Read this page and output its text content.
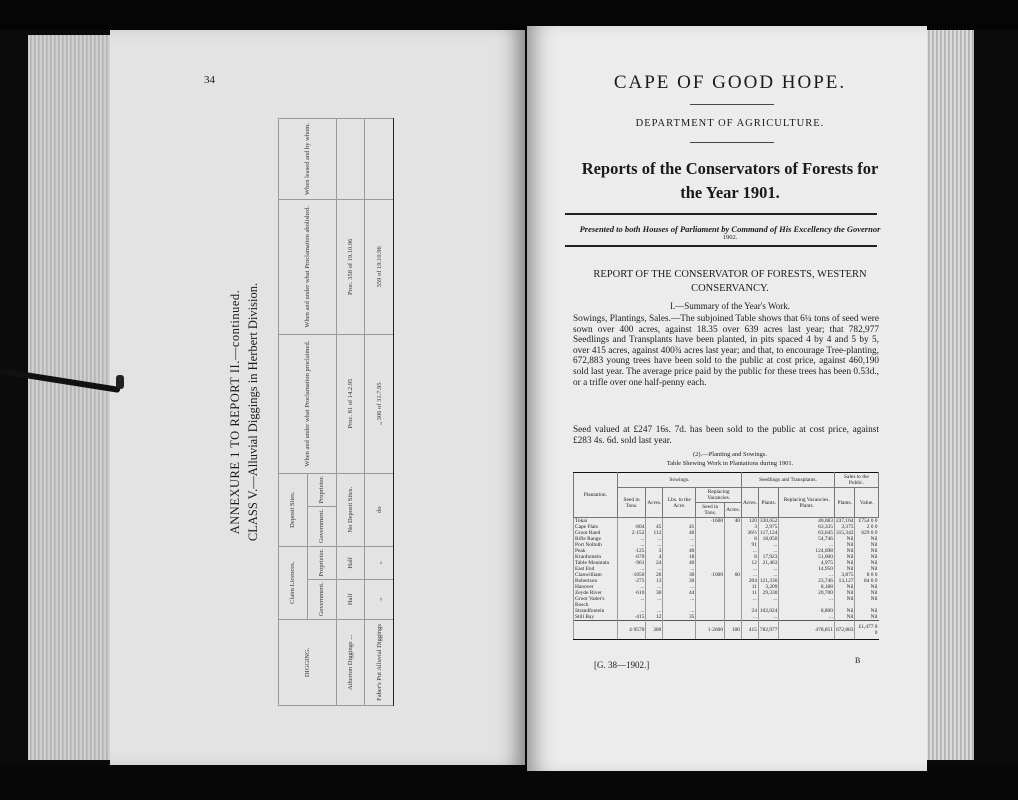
34
ANNEXURE 1 TO REPORT II.—continued. CLASS V.—Alluvial Diggings in Herbert Division.
DIGGING.	Claim Licences.		Deposit Sites.		When and under what Proclamation proclaimed.	When and under what Proclamation abolished.	When leased and by whom.
	Government.	Proprietor.	Government.	Proprietor.			
Atherton Diggings ...	Half	Half	No Deposit Sites.		Proc. 81 of 14.2.95	Proc. 358 of 19.10.96	
Faber's Put Alluvial Diggings	„	„	do		„ 306 of 31.7.95	359 of 19.10.96	
CAPE OF GOOD HOPE.
DEPARTMENT OF AGRICULTURE.
Reports of the Conservators of Forests for
the Year 1901.
Presented to both Houses of Parliament by Command of His Excellency the Governor
1902.
REPORT OF THE CONSERVATOR OF FORESTS, WESTERN
CONSERVANCY.
I.—Summary of the Year's Work.
Sowings, Plantings, Sales.—The subjoined Table shows that 6¼ tons of seed were sown over 400 acres, against 18.35 over 639 acres last year; that 782,977 Seedlings and Transplants have been planted, in pits spaced 4 by 4 and 5 by 5, over 415 acres, against 400¾ acres last year; and that, to encourage Tree-planting, 672,883 young trees have been sold to the public at cost price, against 460,190 sold last year. The average price paid by the public for these trees has been 0.53d., or a trifle over one half-penny each.
Seed valued at £247 16s. 7d. has been sold to the public at cost price, against £283 4s. 6d. sold last year.
(2).—Planting and Sowings.
Table Shewing Work in Plantations during 1901.
Plantation.	Sowings.					Seedlings and Transplants.			Sales to the Public.	
	Seed in Tons.	Acres.	Lbs. to the Acre.	Replacing Vacancies.		Acres.	Plants.	Replacing Vacancies. Plants.	Plants.	Value.
				Seed in Tons.	Acres.					
Tokai				·1600	40	120	330,652	40,083	237,164	£754 0 0
Cape Flats	·804	45	41			3	2,975	63,335	3,375	2 0 0
Groot Rand	2·152	112	40			36½	117,124	63,645	315,342	629 0 0
Rifle Range	...	...	...			8	18,050	54,746	Nil	Nil
Port Nolloth	...	...	...			91	...	...	Nil	Nil
Peak	·125	3	40			...	...	124,698	Nil	Nil
Kranfontein	·670	4	18			8	17,923	51,600	Nil	Nil
Table Mountain	·961	24	40			12	21,463	4,975	Nil	Nil
East End	...	...	...			...	...	14,950	Nil	Nil
Clanwilliam	·1050	26	30	·1000	60	...	...	...	3,875	8 0 0
Robertson	·275	13	30			204	121,330	23,746	13,127	84 0 0
Hanover	...	...	...			11	3,209	8,188	Nil	Nil
Zeyde River	·610	30	44			11	29,330	20,700	Nil	Nil
Groot Vader's Bosch	...	...	...			...	...	...	Nil	Nil
Strandfontein	...	...	...			24	102,024	8,800	Nil	Nil
Still Bay	·415	12	35			...	...	...	Nil	Nil
	4·9570	300		1·2600	100	415	782,977	478,851	672,883	£1,477 0 0
[G. 38—1902.]	B
